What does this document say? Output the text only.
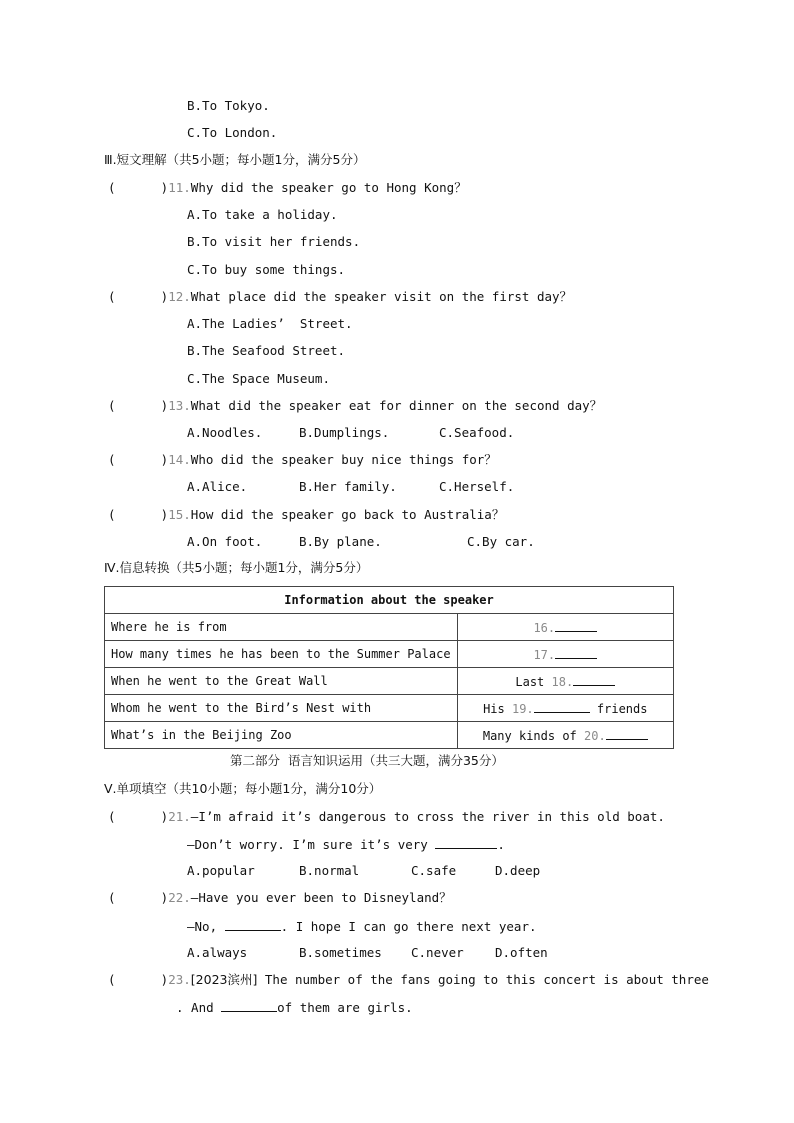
B.To Tokyo.
C.To London.
Ⅲ.短文理解（共5小题；每小题1分，满分5分）
(      )11.Why did the speaker go to Hong Kong？
A.To take a holiday.
B.To visit her friends.
C.To buy some things.
(      )12.What place did the speaker visit on the first day？
A.The Ladies’  Street.
B.The Seafood Street.
C.The Space Museum.
(      )13.What did the speaker eat for dinner on the second day？
A.Noodles.	B.Dumplings.	C.Seafood.
(      )14.Who did the speaker buy nice things for？
A.Alice.	B.Her family.	C.Herself.
(      )15.How did the speaker go back to Australia？
A.On foot.	B.By plane.	C.By car.
Ⅳ.信息转换（共5小题；每小题1分，满分5分）
Information about the speaker	
Where he is from	16.
How many times he has been to the Summer Palace	17.
When he went to the Great Wall	Last 18.
Whom he went to the Bird’s Nest with	His 19. friends
What’s in the Beijing Zoo	Many kinds of 20.
第二部分  语言知识运用（共三大题，满分35分）
Ⅴ.单项填空（共10小题；每小题1分，满分10分）
(      )21.—I’m afraid it’s dangerous to cross the river in this old boat.
—Don’t worry. I’m sure it’s very	.
A.popular	B.normal	C.safe	D.deep
(      )22.—Have you ever been to Disneyland？
—No,	. I hope I can go there next year.
A.always	B.sometimes C.never	D.often
(      )23.[2023滨州] The number of the fans going to this concert is about three
. And	of them are girls.
